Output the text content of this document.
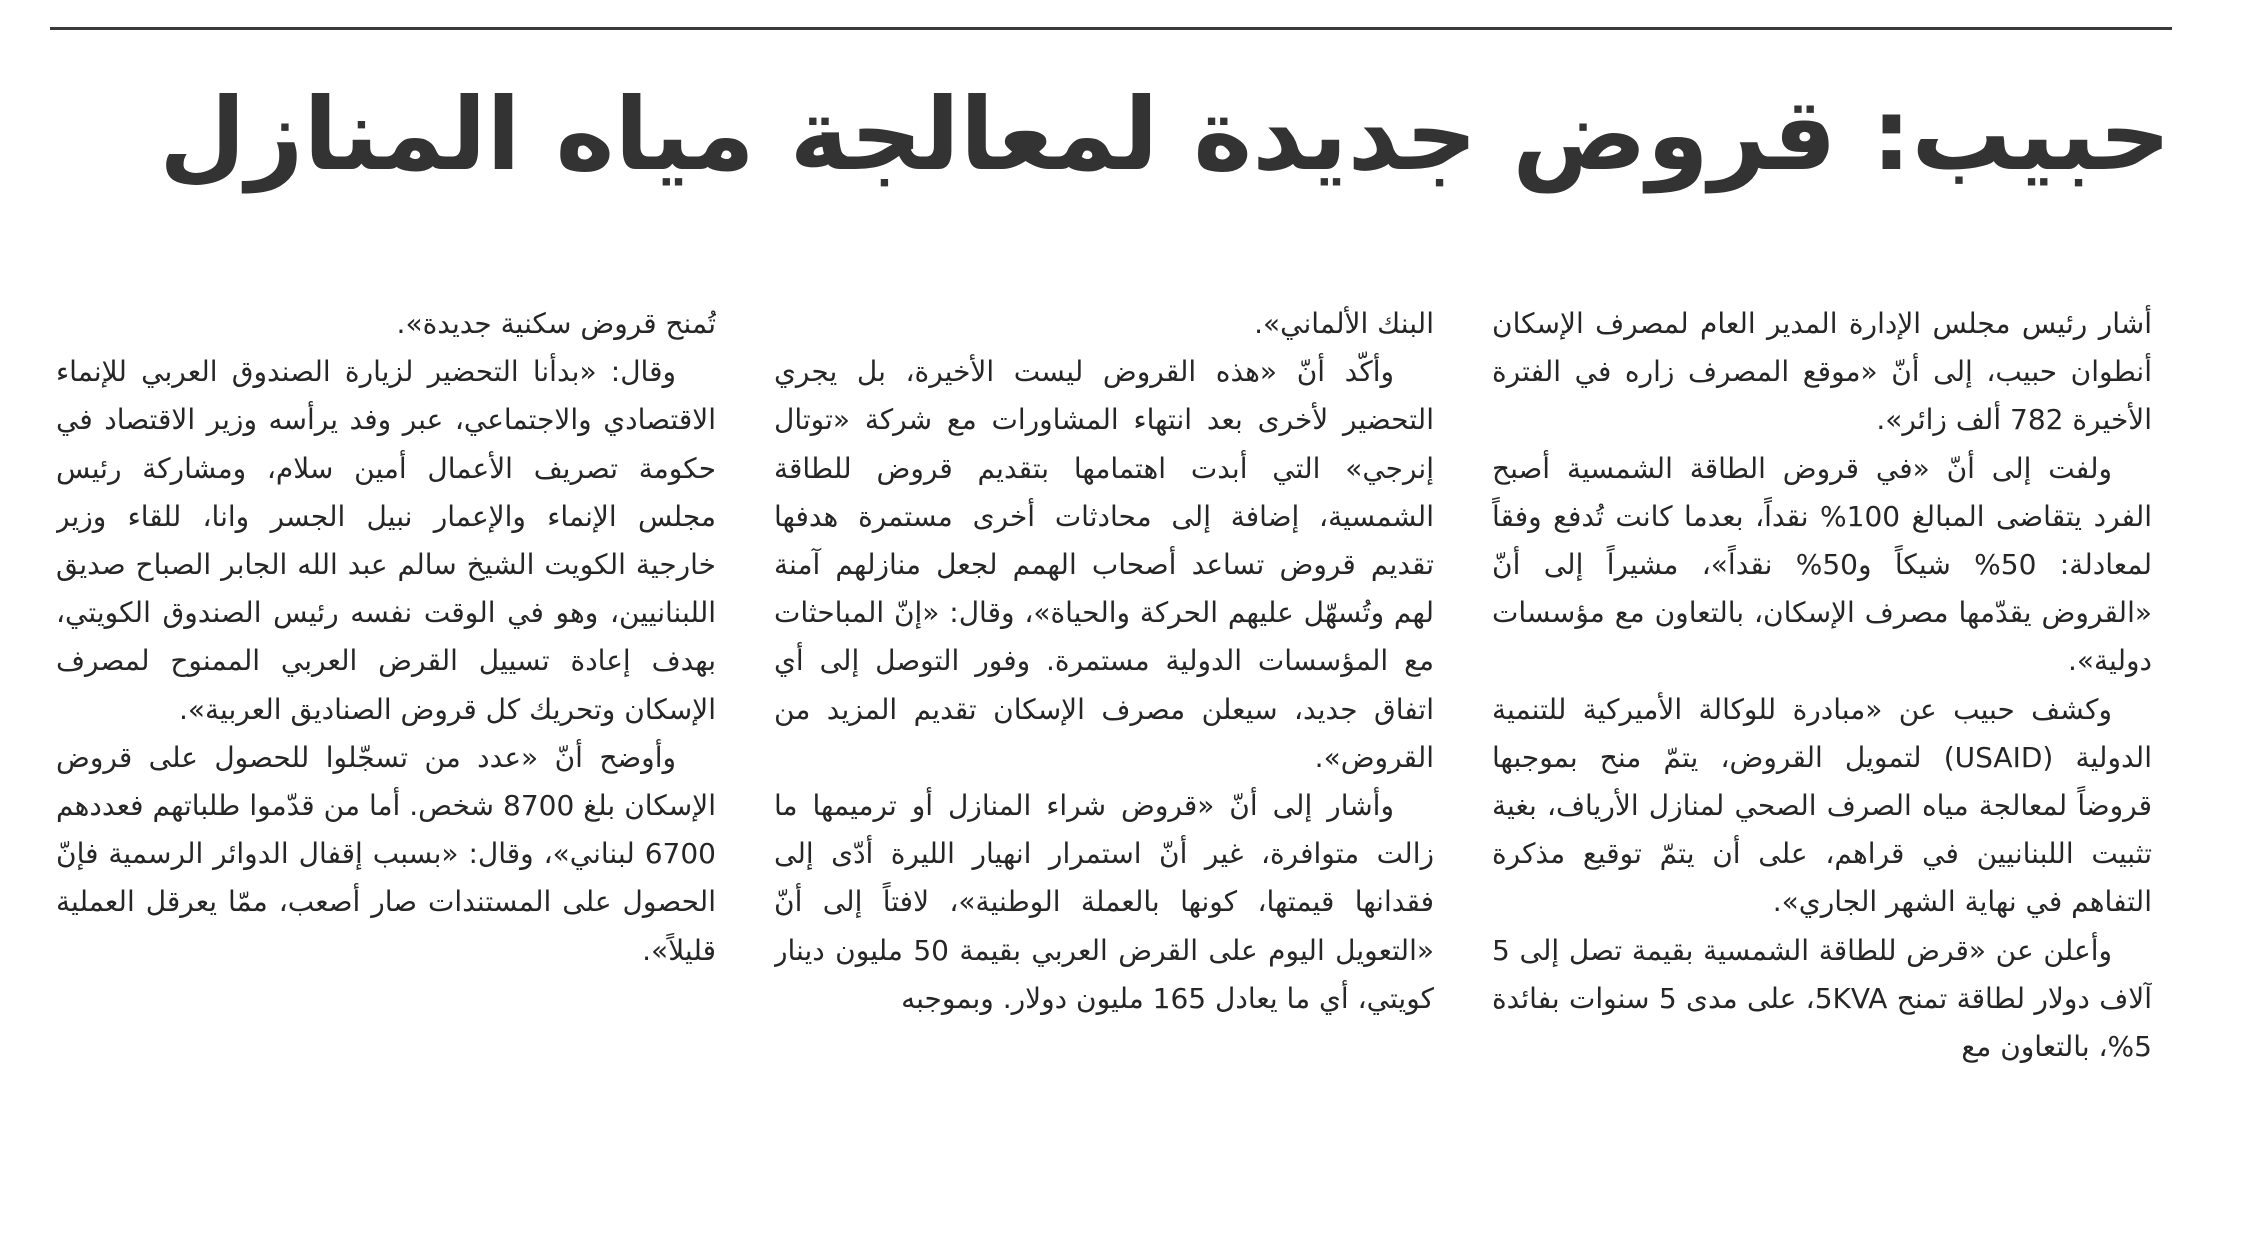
حبيب: قروض جديدة لمعالجة مياه المنازل

أشار رئيس مجلس الإدارة المدير العام لمصرف الإسكان أنطوان حبيب، إلى أنّ «موقع المصرف زاره في الفترة الأخيرة 782 ألف زائر».

ولفت إلى أنّ «في قروض الطاقة الشمسية أصبح الفرد يتقاضى المبالغ 100% نقداً، بعدما كانت تُدفع وفقاً لمعادلة: 50% شيكاً و50% نقداً»، مشيراً إلى أنّ «القروض يقدّمها مصرف الإسكان، بالتعاون مع مؤسسات دولية».

وكشف حبيب عن «مبادرة للوكالة الأميركية للتنمية الدولية (USAID) لتمويل القروض، يتمّ منح بموجبها قروضاً لمعالجة مياه الصرف الصحي لمنازل الأرياف، بغية تثبيت اللبنانيين في قراهم، على أن يتمّ توقيع مذكرة التفاهم في نهاية الشهر الجاري».

وأعلن عن «قرض للطاقة الشمسية بقيمة تصل إلى 5 آلاف دولار لطاقة تمنح 5KVA، على مدى 5 سنوات بفائدة 5%، بالتعاون مع

البنك الألماني».

وأكّد أنّ «هذه القروض ليست الأخيرة، بل يجري التحضير لأخرى بعد انتهاء المشاورات مع شركة «توتال إنرجي» التي أبدت اهتمامها بتقديم قروض للطاقة الشمسية، إضافة إلى محادثات أخرى مستمرة هدفها تقديم قروض تساعد أصحاب الهمم لجعل منازلهم آمنة لهم وتُسهّل عليهم الحركة والحياة»، وقال: «إنّ المباحثات مع المؤسسات الدولية مستمرة. وفور التوصل إلى أي اتفاق جديد، سيعلن مصرف الإسكان تقديم المزيد من القروض».

وأشار إلى أنّ «قروض شراء المنازل أو ترميمها ما زالت متوافرة، غير أنّ استمرار انهيار الليرة أدّى إلى فقدانها قيمتها، كونها بالعملة الوطنية»، لافتاً إلى أنّ «التعويل اليوم على القرض العربي بقيمة 50 مليون دينار كويتي، أي ما يعادل 165 مليون دولار. وبموجبه

تُمنح قروض سكنية جديدة».

وقال: «بدأنا التحضير لزيارة الصندوق العربي للإنماء الاقتصادي والاجتماعي، عبر وفد يرأسه وزير الاقتصاد في حكومة تصريف الأعمال أمين سلام، ومشاركة رئيس مجلس الإنماء والإعمار نبيل الجسر وانا، للقاء وزير خارجية الكويت الشيخ سالم عبد الله الجابر الصباح صديق اللبنانيين، وهو في الوقت نفسه رئيس الصندوق الكويتي، بهدف إعادة تسييل القرض العربي الممنوح لمصرف الإسكان وتحريك كل قروض الصناديق العربية».

وأوضح أنّ «عدد من تسجّلوا للحصول على قروض الإسكان بلغ 8700 شخص. أما من قدّموا طلباتهم فعددهم 6700 لبناني»، وقال: «بسبب إقفال الدوائر الرسمية فإنّ الحصول على المستندات صار أصعب، ممّا يعرقل العملية قليلاً».
